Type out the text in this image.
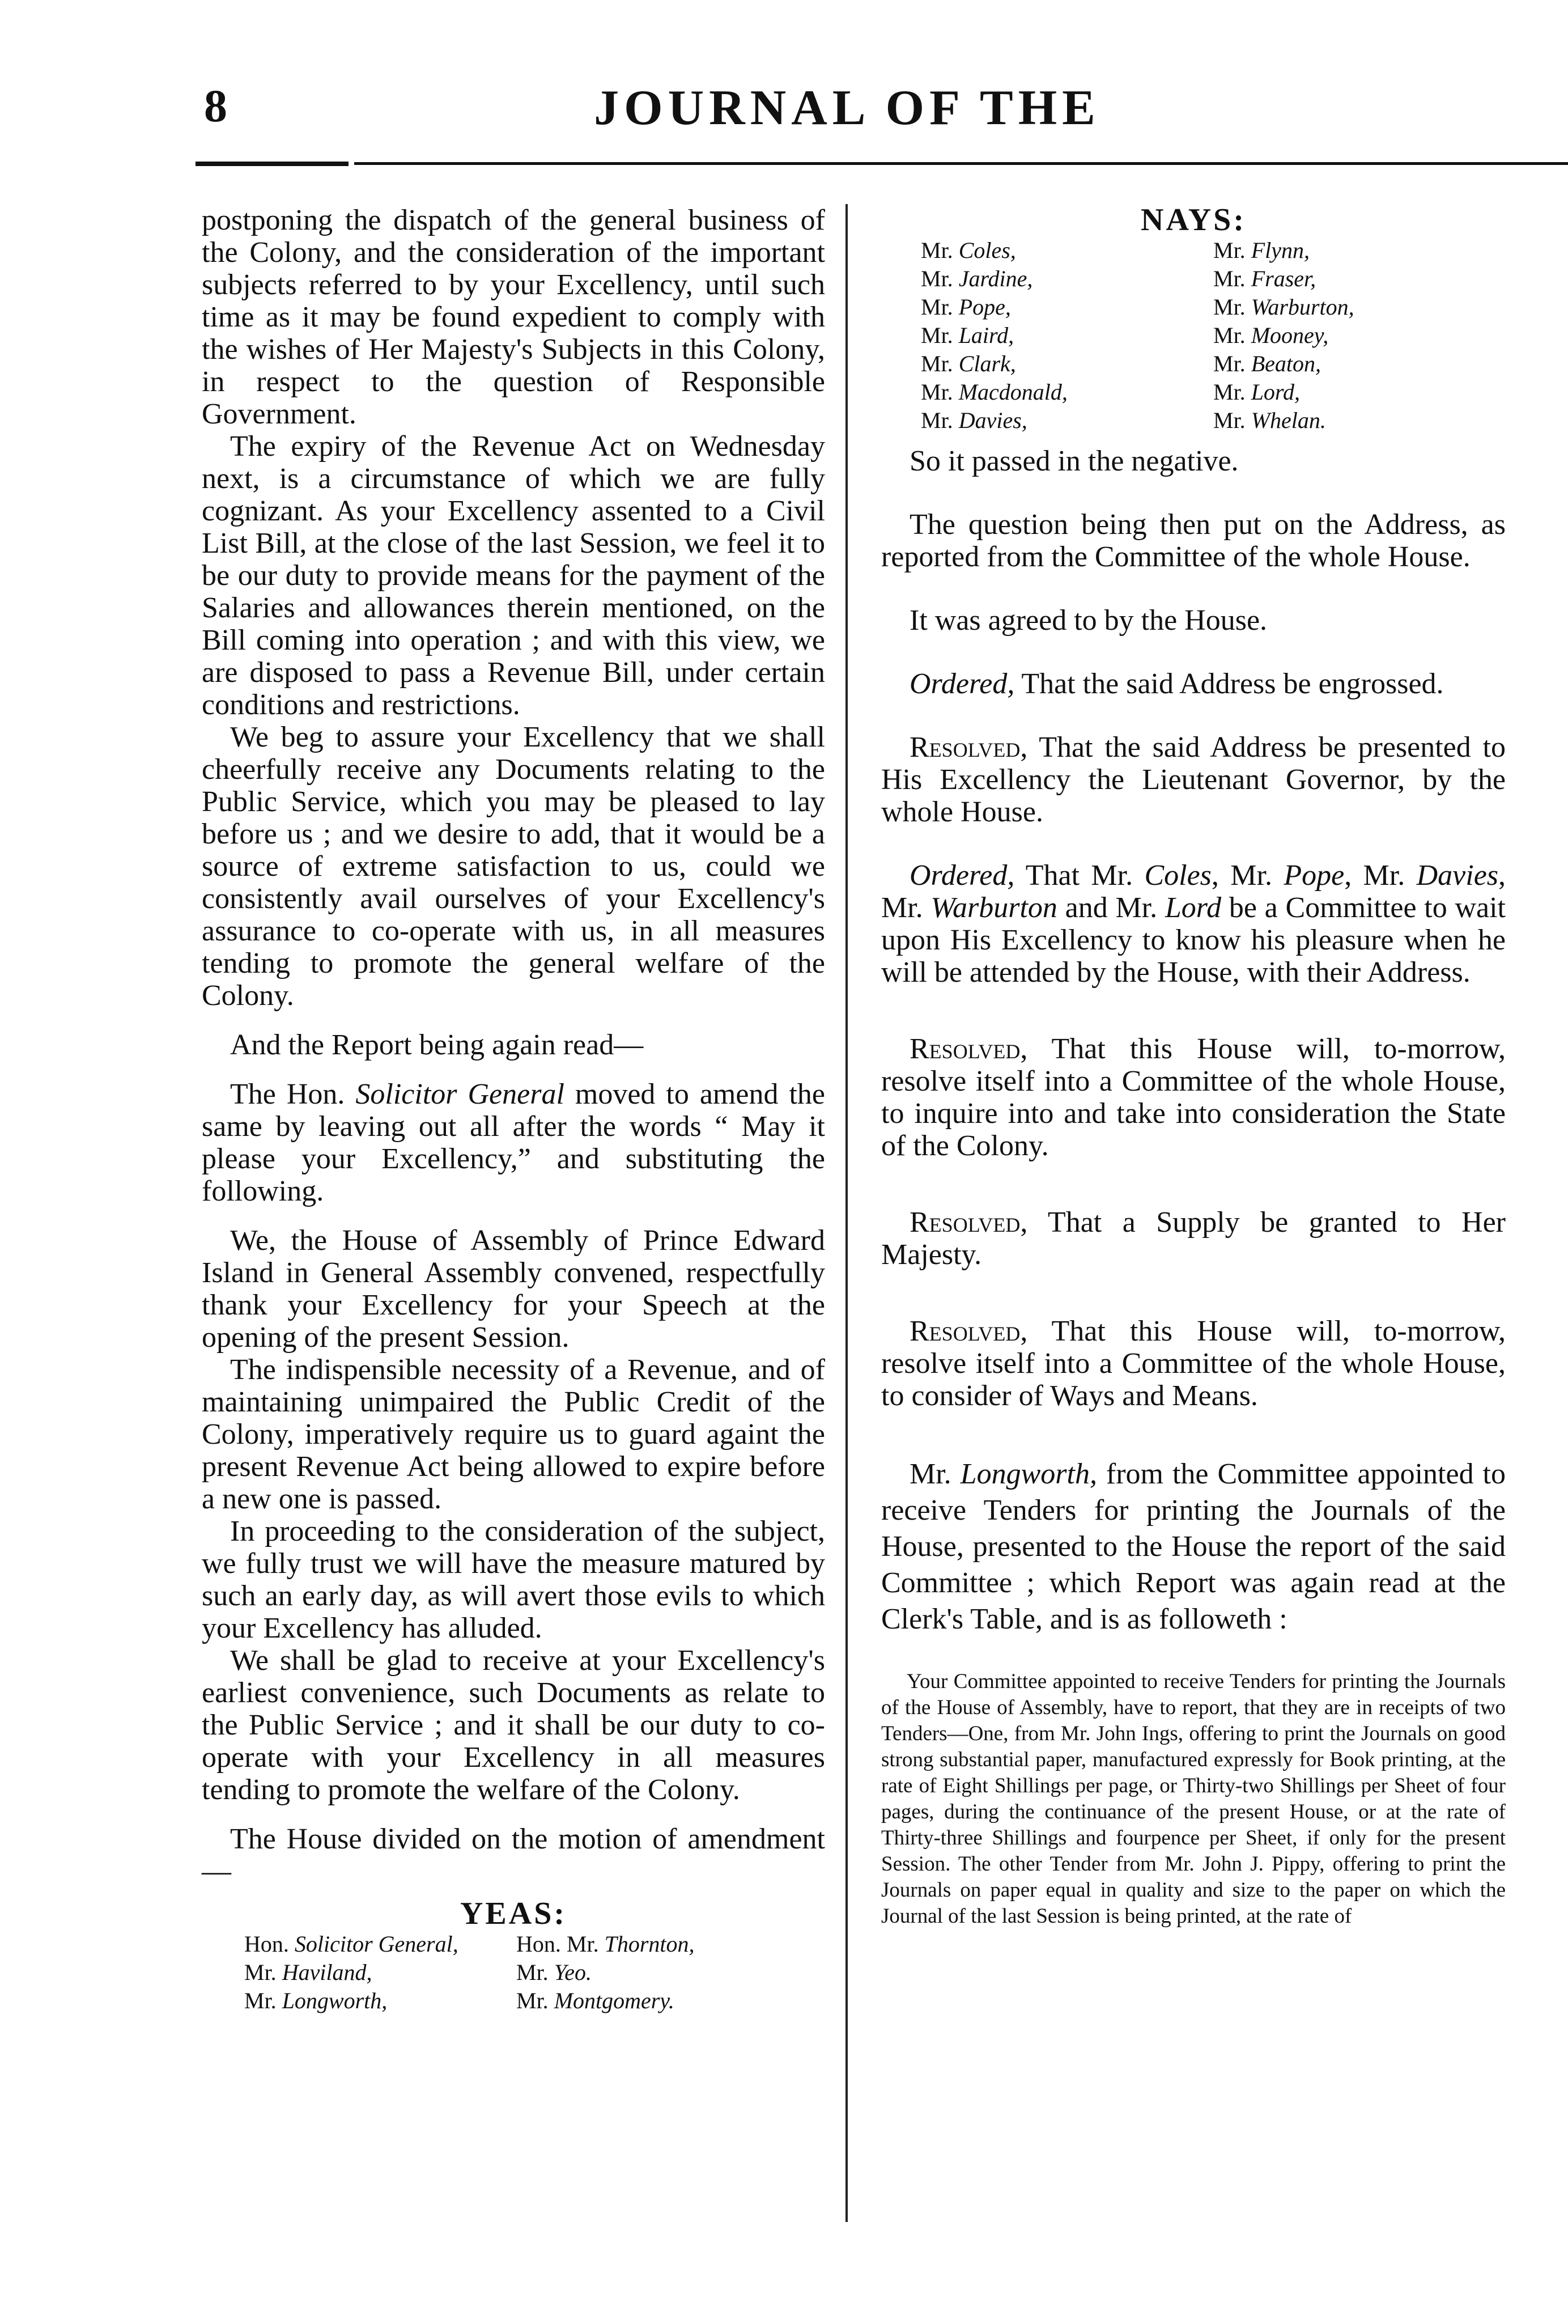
8	JOURNAL OF THE

postponing the dispatch of the general business of the Colony, and the consideration of the important subjects referred to by your Excellency, until such time as it may be found expedient to comply with the wishes of Her Majesty's Subjects in this Colony, in respect to the question of Responsible Government.

The expiry of the Revenue Act on Wednesday next, is a circumstance of which we are fully cognizant. As your Excellency assented to a Civil List Bill, at the close of the last Session, we feel it to be our duty to provide means for the payment of the Salaries and allowances therein mentioned, on the Bill coming into operation ; and with this view, we are disposed to pass a Revenue Bill, under certain conditions and restrictions.

We beg to assure your Excellency that we shall cheerfully receive any Documents relating to the Public Service, which you may be pleased to lay before us ; and we desire to add, that it would be a source of extreme satisfaction to us, could we consistently avail ourselves of your Excellency's assurance to co-operate with us, in all measures tending to promote the general welfare of the Colony.

And the Report being again read—

The Hon. Solicitor General moved to amend the same by leaving out all after the words “ May it please your Excellency,” and substituting the following.

We, the House of Assembly of Prince Edward Island in General Assembly convened, respectfully thank your Excellency for your Speech at the opening of the present Session.

The indispensible necessity of a Revenue, and of maintaining unimpaired the Public Credit of the Colony, imperatively require us to guard againt the present Revenue Act being allowed to expire before a new one is passed.

In proceeding to the consideration of the subject, we fully trust we will have the measure matured by such an early day, as will avert those evils to which your Excellency has alluded.

We shall be glad to receive at your Excellency's earliest convenience, such Documents as relate to the Public Service ; and it shall be our duty to co-operate with your Excellency in all measures tending to promote the welfare of the Colony.

The House divided on the motion of amendment—

YEAS:
Hon. Solicitor General,	Hon. Mr. Thornton,
Mr. Haviland,	Mr. Yeo.
Mr. Longworth,	Mr. Montgomery.
NAYS:
Mr. Coles,	Mr. Flynn,
Mr. Jardine,	Mr. Fraser,
Mr. Pope,	Mr. Warburton,
Mr. Laird,	Mr. Mooney,
Mr. Clark,	Mr. Beaton,
Mr. Macdonald,	Mr. Lord,
Mr. Davies,	Mr. Whelan.

So it passed in the negative.

The question being then put on the Address, as reported from the Committee of the whole House.

It was agreed to by the House.

Ordered, That the said Address be engrossed.

Resolved, That the said Address be presented to His Excellency the Lieutenant Governor, by the whole House.

Ordered, That Mr. Coles, Mr. Pope, Mr. Davies, Mr. Warburton and Mr. Lord be a Committee to wait upon His Excellency to know his pleasure when he will be attended by the House, with their Address.

Resolved, That this House will, to-morrow, resolve itself into a Committee of the whole House, to inquire into and take into consideration the State of the Colony.

Resolved, That a Supply be granted to Her Majesty.

Resolved, That this House will, to-morrow, resolve itself into a Committee of the whole House, to consider of Ways and Means.

Mr. Longworth, from the Committee appointed to receive Tenders for printing the Journals of the House, presented to the House the report of the said Committee ; which Report was again read at the Clerk's Table, and is as followeth :

Your Committee appointed to receive Tenders for printing the Journals of the House of Assembly, have to report, that they are in receipts of two Tenders—One, from Mr. John Ings, offering to print the Journals on good strong substantial paper, manufactured expressly for Book printing, at the rate of Eight Shillings per page, or Thirty-two Shillings per Sheet of four pages, during the continuance of the present House, or at the rate of Thirty-three Shillings and fourpence per Sheet, if only for the present Session. The other Tender from Mr. John J. Pippy, offering to print the Journals on paper equal in quality and size to the paper on which the Journal of the last Session is being printed, at the rate of
